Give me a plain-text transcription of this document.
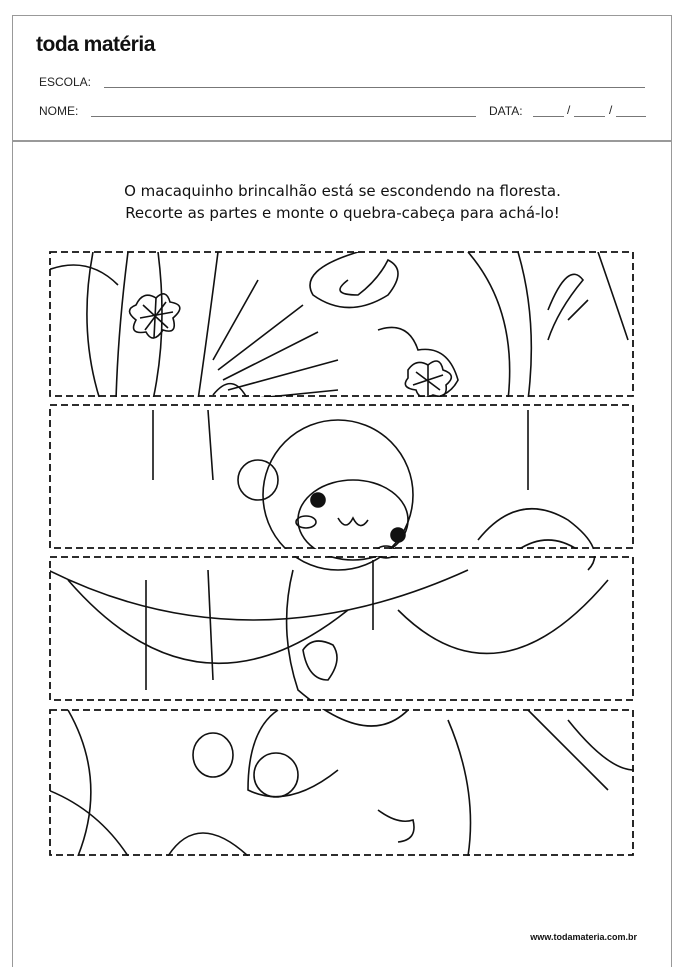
toda matéria
ESCOLA:
NOME:	DATA:	/	/
O macaquinho brincalhão está se escondendo na floresta.
Recorte as partes e monte o quebra-cabeça para achá-lo!
www.todamateria.com.br
